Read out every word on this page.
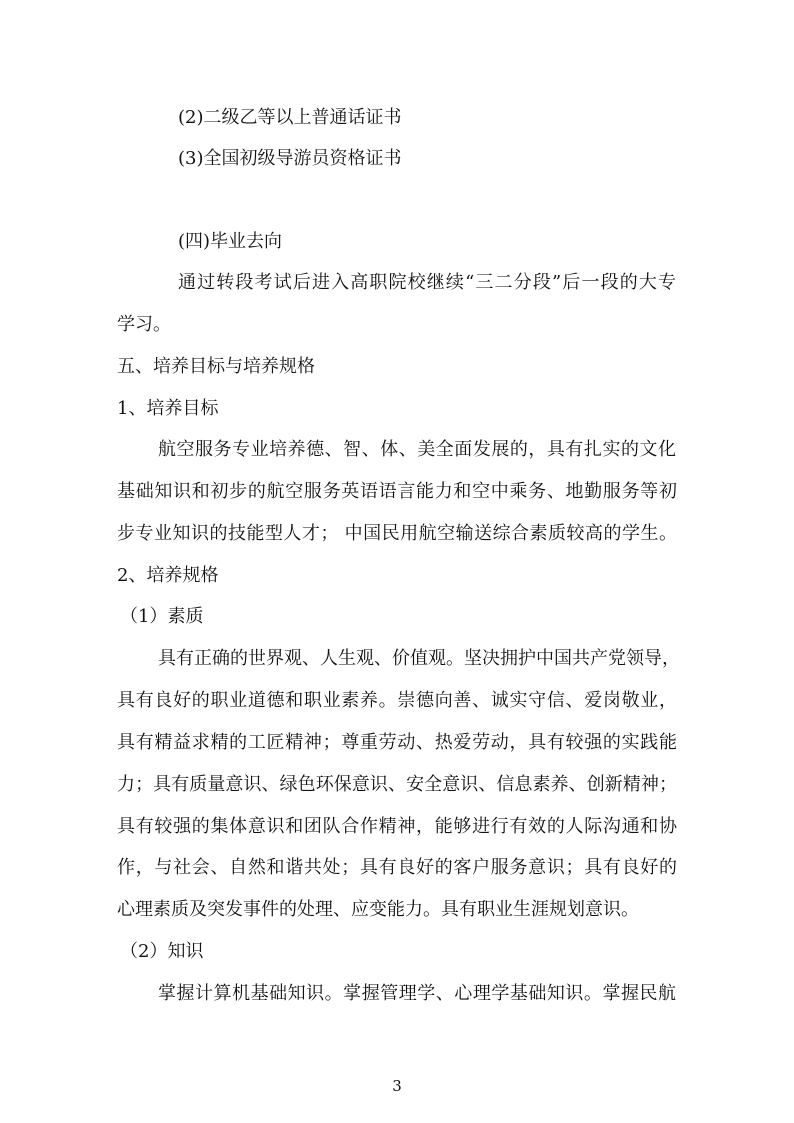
(2)二级乙等以上普通话证书
(3)全国初级导游员资格证书
(四)毕业去向
通过转段考试后进入高职院校继续“三二分段”后一段的大专
学习。
五、培养目标与培养规格
1、培养目标
航空服务专业培养德、智、体、美全面发展的，具有扎实的文化
基础知识和初步的航空服务英语语言能力和空中乘务、地勤服务等初
步专业知识的技能型人才； 中国民用航空输送综合素质较高的学生。
2、培养规格
（1）素质
具有正确的世界观、人生观、价值观。坚决拥护中国共产党领导，
具有良好的职业道德和职业素养。崇德向善、诚实守信、爱岗敬业，
具有精益求精的工匠精神；尊重劳动、热爱劳动，具有较强的实践能
力；具有质量意识、绿色环保意识、安全意识、信息素养、创新精神；
具有较强的集体意识和团队合作精神，能够进行有效的人际沟通和协
作，与社会、自然和谐共处；具有良好的客户服务意识；具有良好的
心理素质及突发事件的处理、应变能力。具有职业生涯规划意识。
（2）知识
掌握计算机基础知识。掌握管理学、心理学基础知识。掌握民航
3
